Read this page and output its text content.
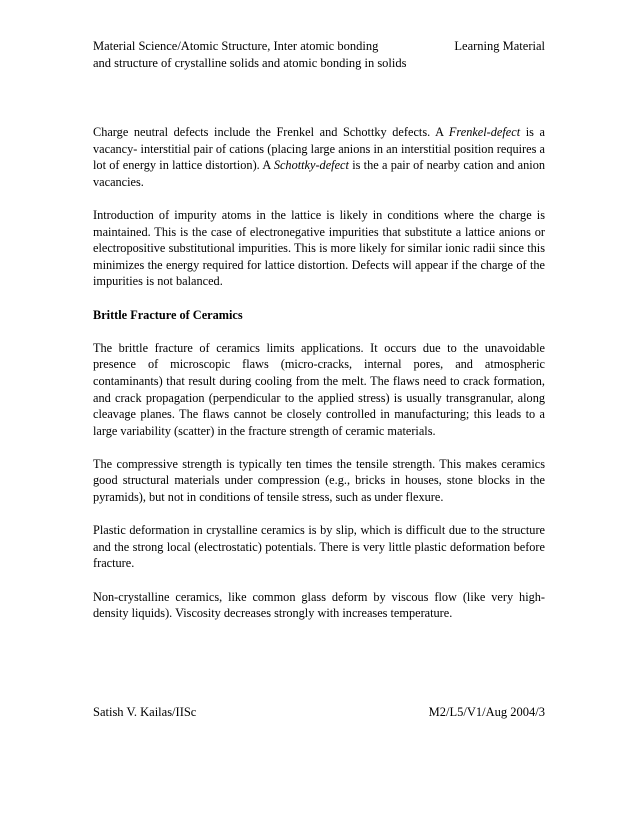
Material Science/Atomic Structure, Inter atomic bonding
and structure of crystalline solids and atomic bonding in solids
Learning Material

Charge neutral defects include the Frenkel and Schottky defects. A Frenkel-defect is a vacancy- interstitial pair of cations (placing large anions in an interstitial position requires a lot of energy in lattice distortion). A Schottky-defect is the a pair of nearby cation and anion vacancies.

Introduction of impurity atoms in the lattice is likely in conditions where the charge is maintained. This is the case of electronegative impurities that substitute a lattice anions or electropositive substitutional impurities. This is more likely for similar ionic radii since this minimizes the energy required for lattice distortion. Defects will appear if the charge of the impurities is not balanced.

Brittle Fracture of Ceramics

The brittle fracture of ceramics limits applications. It occurs due to the unavoidable presence of microscopic flaws (micro-cracks, internal pores, and atmospheric contaminants) that result during cooling from the melt. The flaws need to crack formation, and crack propagation (perpendicular to the applied stress) is usually transgranular, along cleavage planes. The flaws cannot be closely controlled in manufacturing; this leads to a large variability (scatter) in the fracture strength of ceramic materials.

The compressive strength is typically ten times the tensile strength. This makes ceramics good structural materials under compression (e.g., bricks in houses, stone blocks in the pyramids), but not in conditions of tensile stress, such as under flexure.

Plastic deformation in crystalline ceramics is by slip, which is difficult due to the structure and the strong local (electrostatic) potentials. There is very little plastic deformation before fracture.

Non-crystalline ceramics, like common glass deform by viscous flow (like very high-density liquids). Viscosity decreases strongly with increases temperature.

Satish V. Kailas/IISc	M2/L5/V1/Aug 2004/3
